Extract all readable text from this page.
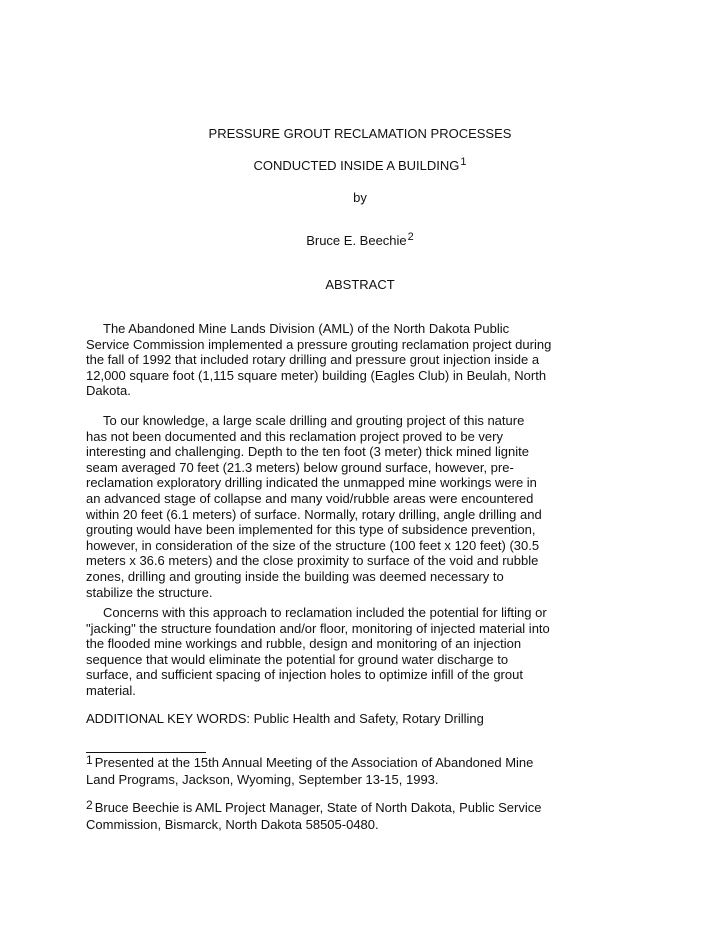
PRESSURE GROUT RECLAMATION PROCESSES
CONDUCTED INSIDE A BUILDING$^1$
by
Bruce E. Beechie$^2$
ABSTRACT
The Abandoned Mine Lands Division (AML) of the North Dakota Public
Service Commission implemented a pressure grouting reclamation project during
the fall of 1992 that included rotary drilling and pressure grout injection inside a
12,000 square foot (1,115 square meter) building (Eagles Club) in Beulah, North
Dakota.
To our knowledge, a large scale drilling and grouting project of this nature
has not been documented and this reclamation project proved to be very
interesting and challenging. Depth to the ten foot (3 meter) thick mined lignite
seam averaged 70 feet (21.3 meters) below ground surface, however, pre-
reclamation exploratory drilling indicated the unmapped mine workings were in
an advanced stage of collapse and many void/rubble areas were encountered
within 20 feet (6.1 meters) of surface. Normally, rotary drilling, angle drilling and
grouting would have been implemented for this type of subsidence prevention,
however, in consideration of the size of the structure (100 feet x 120 feet) (30.5
meters x 36.6 meters) and the close proximity to surface of the void and rubble
zones, drilling and grouting inside the building was deemed necessary to
stabilize the structure.
Concerns with this approach to reclamation included the potential for lifting or
"jacking" the structure foundation and/or floor, monitoring of injected material into
the flooded mine workings and rubble, design and monitoring of an injection
sequence that would eliminate the potential for ground water discharge to
surface, and sufficient spacing of injection holes to optimize infill of the grout
material.
ADDITIONAL KEY WORDS: Public Health and Safety, Rotary Drilling
1 Presented at the 15th Annual Meeting of the Association of Abandoned Mine
Land Programs, Jackson, Wyoming, September 13-15, 1993.
2 Bruce Beechie is AML Project Manager, State of North Dakota, Public Service
Commission, Bismarck, North Dakota 58505-0480.
